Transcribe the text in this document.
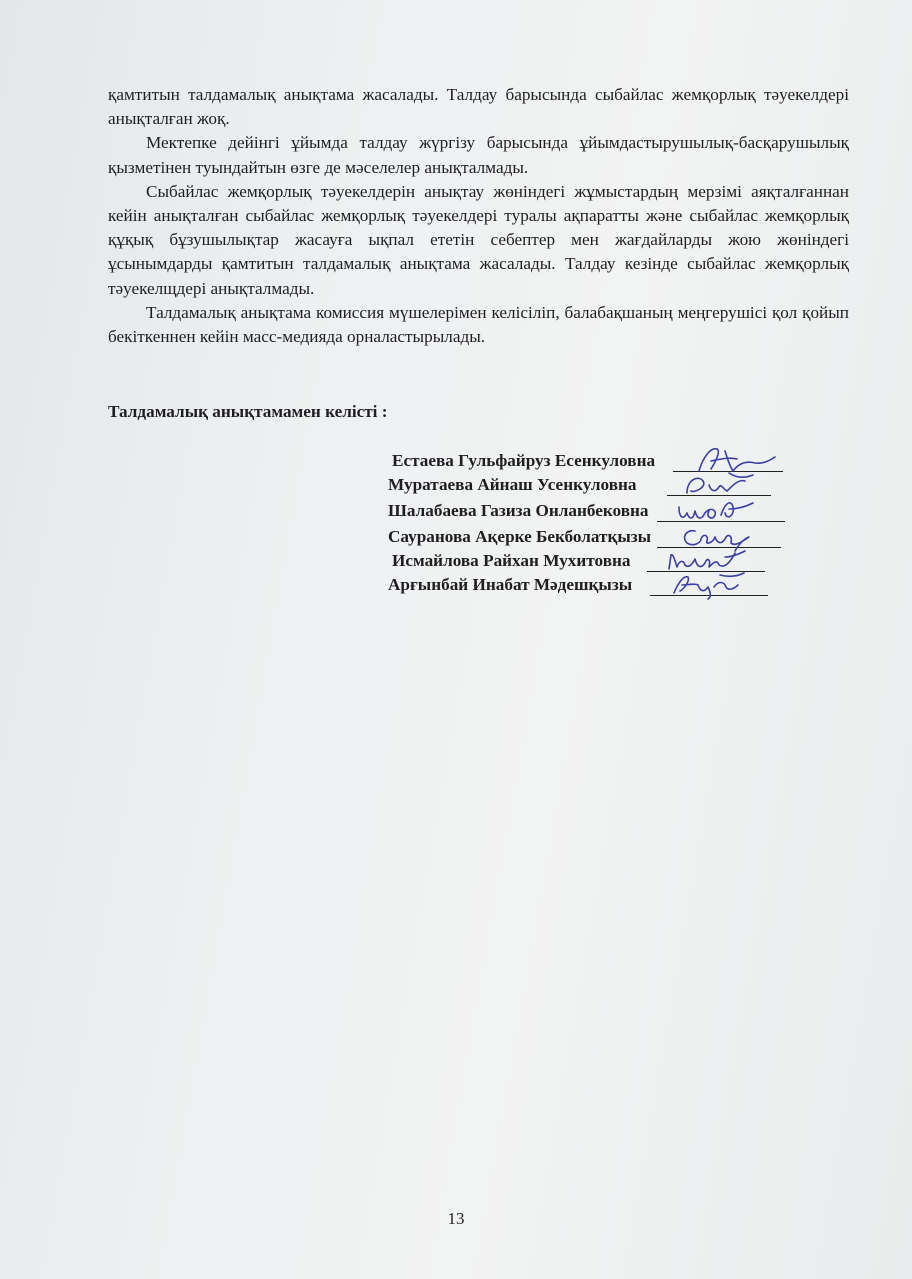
қамтитын талдамалық анықтама жасалады. Талдау барысында сыбайлас жемқорлық тәуекелдері анықталған жоқ.

Мектепке дейінгі ұйымда талдау жүргізу барысында ұйымдастырушылық-басқарушылық қызметінен туындайтын өзге де мәселелер анықталмады.

Сыбайлас жемқорлық тәуекелдерін анықтау жөніндегі жұмыстардың мерзімі аяқталғаннан кейін анықталған сыбайлас жемқорлық тәуекелдері туралы ақпаратты және сыбайлас жемқорлық құқық бұзушылықтар жасауға ықпал ететін себептер мен жағдайларды жою жөніндегі ұсынымдарды қамтитын талдамалық анықтама жасалады. Талдау кезінде сыбайлас жемқорлық тәуекелщдері анықталмады.

Талдамалық анықтама комиссия мүшелерімен келісіліп, балабақшаның меңгерушісі қол қойып бекіткеннен кейін масс-медияда орналастырылады.

Талдамалық анықтамамен келісті :

Естаева Гульфайруз Есенкуловна
Муратаева Айнаш Усенкуловна
Шалабаева Газиза Онланбековна
Сауранова Ақерке Бекболатқызы
Исмайлова Райхан Мухитовна
Арғынбай Инабат Мәдешқызы

13
